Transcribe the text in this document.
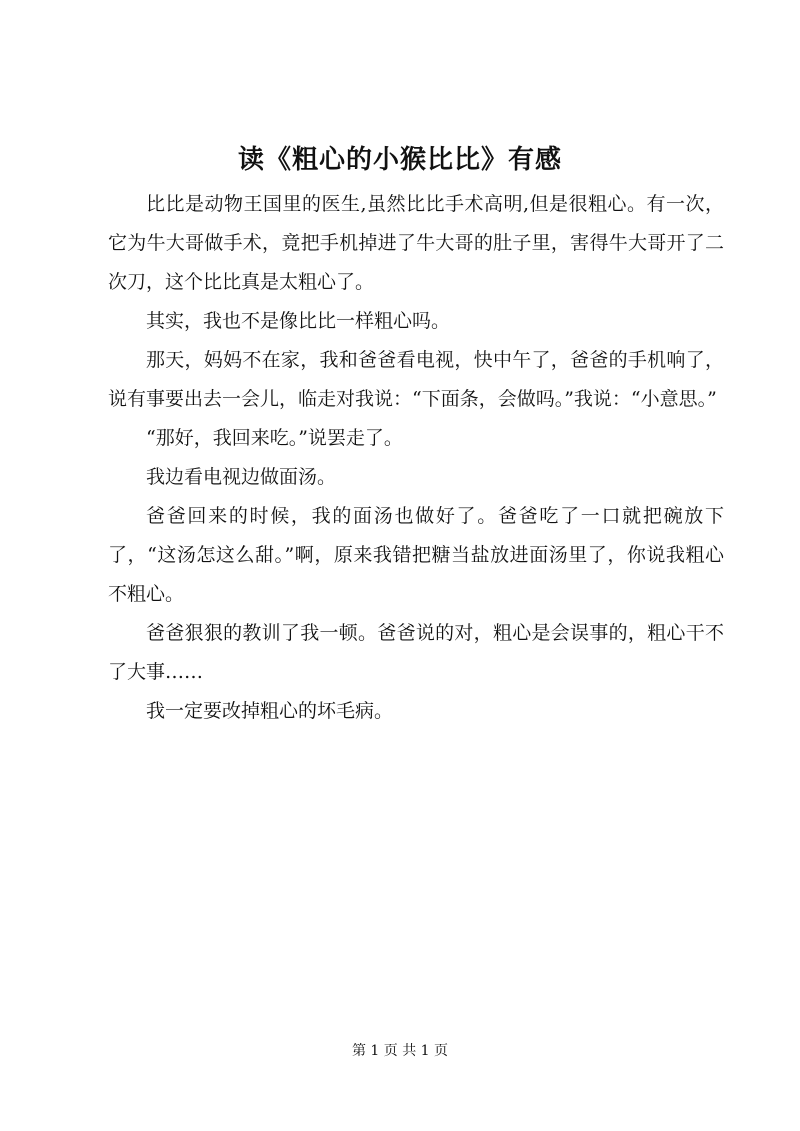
读《粗心的小猴比比》有感

比比是动物王国里的医生,虽然比比手术高明,但是很粗心。有一次，它为牛大哥做手术，竟把手机掉进了牛大哥的肚子里，害得牛大哥开了二次刀，这个比比真是太粗心了。

其实，我也不是像比比一样粗心吗。

那天，妈妈不在家，我和爸爸看电视，快中午了，爸爸的手机响了，说有事要出去一会儿，临走对我说：“下面条，会做吗。”我说：“小意思。”

“那好，我回来吃。”说罢走了。

我边看电视边做面汤。

爸爸回来的时候，我的面汤也做好了。爸爸吃了一口就把碗放下了，“这汤怎这么甜。”啊，原来我错把糖当盐放进面汤里了，你说我粗心不粗心。

爸爸狠狠的教训了我一顿。爸爸说的对，粗心是会误事的，粗心干不了大事……

我一定要改掉粗心的坏毛病。

第 1 页 共 1 页
